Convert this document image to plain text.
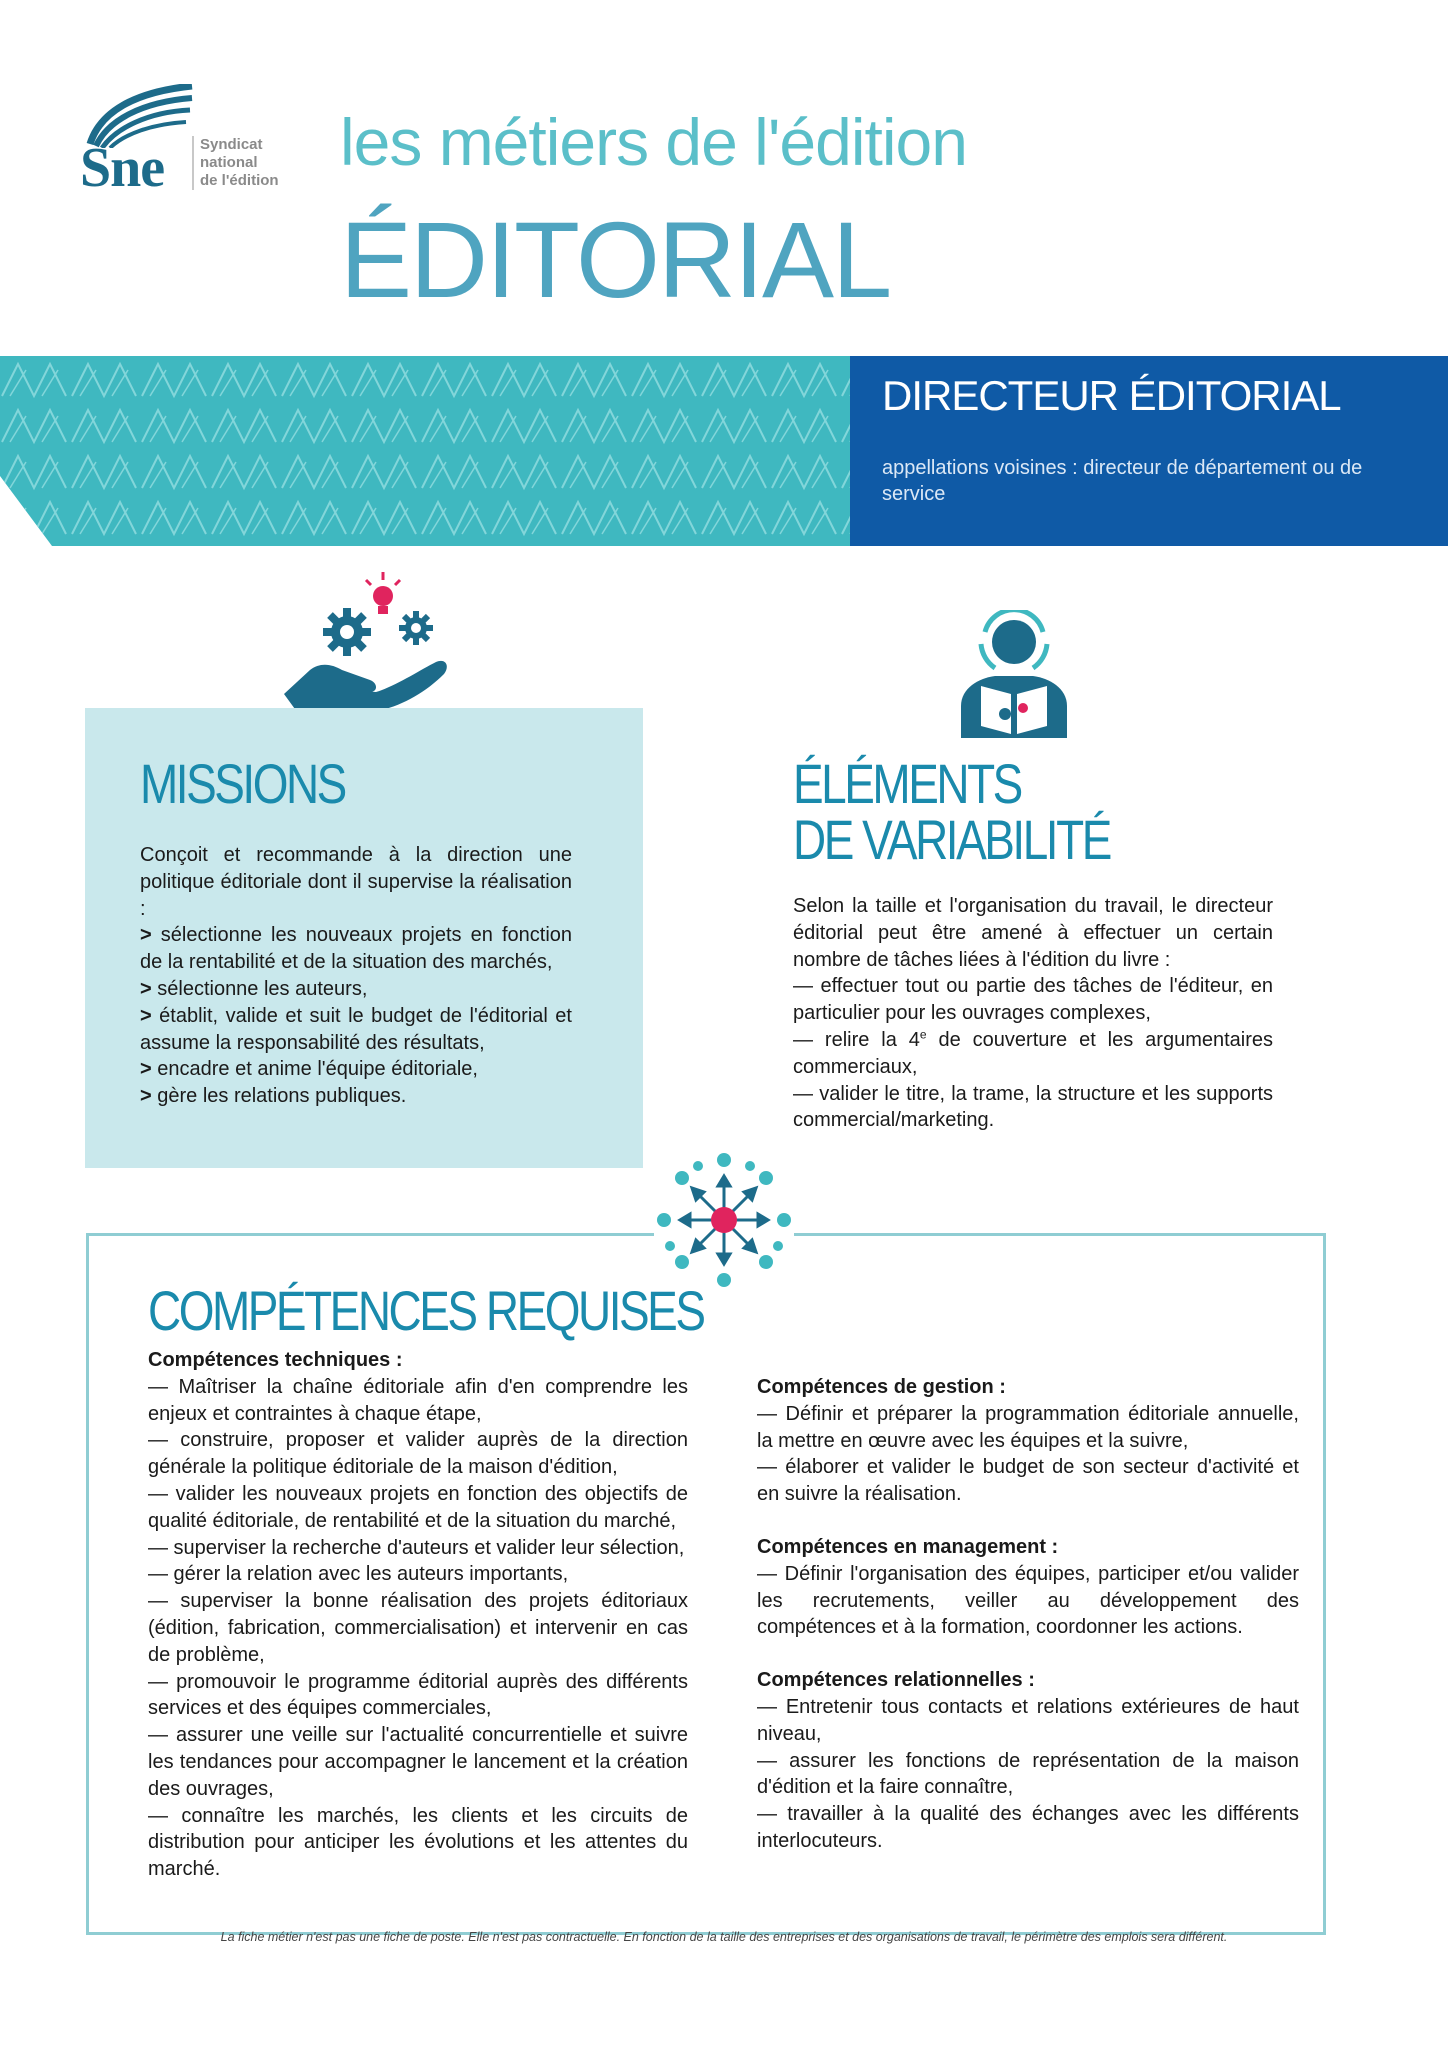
Sne Syndicat
national
de l'édition
les métiers de l'édition
ÉDITORIAL
DIRECTEUR ÉDITORIAL
appellations voisines : directeur de département ou de service
MISSIONS
Conçoit et recommande à la direction une politique éditoriale dont il supervise la réalisation :
> sélectionne les nouveaux projets en fonction de la rentabilité et de la situation des marchés,
> sélectionne les auteurs,
> établit, valide et suit le budget de l'éditorial et assume la responsabilité des résultats,
> encadre et anime l'équipe éditoriale,
> gère les relations publiques.
ÉLÉMENTS
DE VARIABILITÉ
Selon la taille et l'organisation du travail, le directeur éditorial peut être amené à effectuer un certain nombre de tâches liées à l'édition du livre :
— effectuer tout ou partie des tâches de l'éditeur, en particulier pour les ouvrages complexes,
— relire la 4e de couverture et les argumentaires commerciaux,
— valider le titre, la trame, la structure et les supports commercial/marketing.
COMPÉTENCES REQUISES
Compétences techniques :
— Maîtriser la chaîne éditoriale afin d'en comprendre les enjeux et contraintes à chaque étape,
— construire, proposer et valider auprès de la direction générale la politique éditoriale de la maison d'édition,
— valider les nouveaux projets en fonction des objectifs de qualité éditoriale, de rentabilité et de la situation du marché,
— superviser la recherche d'auteurs et valider leur sélection,
— gérer la relation avec les auteurs importants,
— superviser la bonne réalisation des projets éditoriaux (édition, fabrication, commercialisation) et intervenir en cas de problème,
— promouvoir le programme éditorial auprès des différents services et des équipes commerciales,
— assurer une veille sur l'actualité concurrentielle et suivre les tendances pour accompagner le lancement et la création des ouvrages,
— connaître les marchés, les clients et les circuits de distribution pour anticiper les évolutions et les attentes du marché.
Compétences de gestion :
— Définir et préparer la programmation éditoriale annuelle, la mettre en œuvre avec les équipes et la suivre,
— élaborer et valider le budget de son secteur d'activité et en suivre la réalisation.
Compétences en management :
— Définir l'organisation des équipes, participer et/ou valider les recrutements, veiller au développement des compétences et à la formation, coordonner les actions.
Compétences relationnelles :
— Entretenir tous contacts et relations extérieures de haut niveau,
— assurer les fonctions de représentation de la maison d'édition et la faire connaître,
— travailler à la qualité des échanges avec les différents interlocuteurs.
La fiche métier n'est pas une fiche de poste. Elle n'est pas contractuelle. En fonction de la taille des entreprises et des organisations de travail, le périmètre des emplois sera différent.
